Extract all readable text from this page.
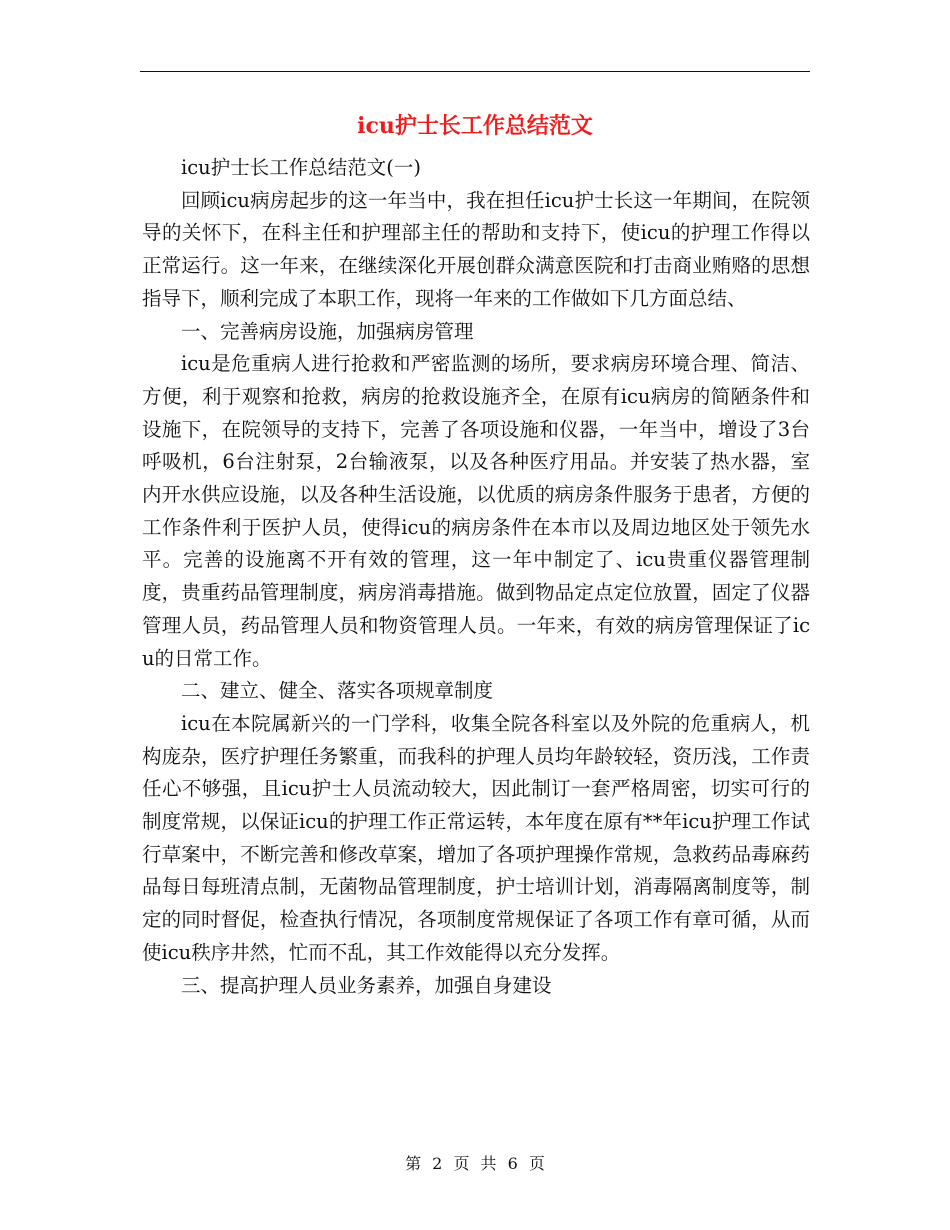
icu护士长工作总结范文

icu护士长工作总结范文(一)

回顾icu病房起步的这一年当中，我在担任icu护士长这一年期间，在院领导的关怀下，在科主任和护理部主任的帮助和支持下，使icu的护理工作得以正常运行。这一年来，在继续深化开展创群众满意医院和打击商业贿赂的思想指导下，顺利完成了本职工作，现将一年来的工作做如下几方面总结、

一、完善病房设施，加强病房管理

icu是危重病人进行抢救和严密监测的场所，要求病房环境合理、简洁、方便，利于观察和抢救，病房的抢救设施齐全，在原有icu病房的简陋条件和设施下，在院领导的支持下，完善了各项设施和仪器，一年当中，增设了3台呼吸机，6台注射泵，2台输液泵，以及各种医疗用品。并安装了热水器，室内开水供应设施，以及各种生活设施，以优质的病房条件服务于患者，方便的工作条件利于医护人员，使得icu的病房条件在本市以及周边地区处于领先水平。完善的设施离不开有效的管理，这一年中制定了、icu贵重仪器管理制度，贵重药品管理制度，病房消毒措施。做到物品定点定位放置，固定了仪器管理人员，药品管理人员和物资管理人员。一年来，有效的病房管理保证了icu的日常工作。

二、建立、健全、落实各项规章制度

icu在本院属新兴的一门学科，收集全院各科室以及外院的危重病人，机构庞杂，医疗护理任务繁重，而我科的护理人员均年龄较轻，资历浅，工作责任心不够强，且icu护士人员流动较大，因此制订一套严格周密，切实可行的制度常规，以保证icu的护理工作正常运转，本年度在原有**年icu护理工作试行草案中，不断完善和修改草案，增加了各项护理操作常规，急救药品毒麻药品每日每班清点制，无菌物品管理制度，护士培训计划，消毒隔离制度等，制定的同时督促，检查执行情况，各项制度常规保证了各项工作有章可循，从而使icu秩序井然，忙而不乱，其工作效能得以充分发挥。

三、提高护理人员业务素养，加强自身建设

第 2 页 共 6 页
